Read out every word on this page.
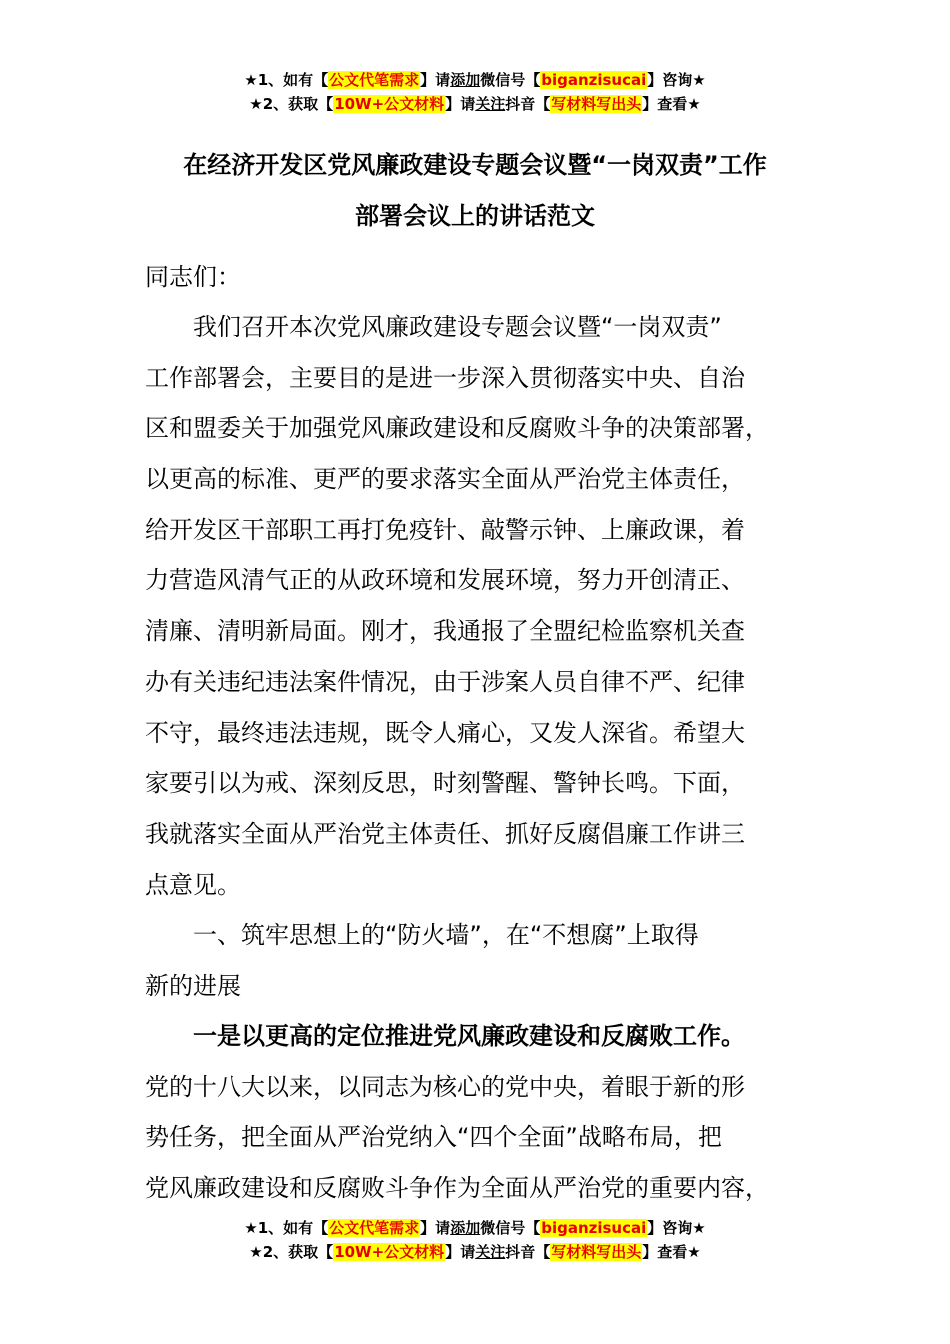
★1、如有【公文代笔需求】请添加微信号【biganzisucai】咨询★
★2、获取【10W+公文材料】请关注抖音【写材料写出头】查看★
在经济开发区党风廉政建设专题会议暨“一岗双责”工作
部署会议上的讲话范文
同志们：
　　我们召开本次党风廉政建设专题会议暨“一岗双责”
工作部署会，主要目的是进一步深入贯彻落实中央、自治
区和盟委关于加强党风廉政建设和反腐败斗争的决策部署，
以更高的标准、更严的要求落实全面从严治党主体责任，
给开发区干部职工再打免疫针、敲警示钟、上廉政课，着
力营造风清气正的从政环境和发展环境，努力开创清正、
清廉、清明新局面。刚才，我通报了全盟纪检监察机关查
办有关违纪违法案件情况，由于涉案人员自律不严、纪律
不守，最终违法违规，既令人痛心，又发人深省。希望大
家要引以为戒、深刻反思，时刻警醒、警钟长鸣。下面，
我就落实全面从严治党主体责任、抓好反腐倡廉工作讲三
点意见。
　　一、筑牢思想上的“防火墙”，在“不想腐”上取得
新的进展
　　一是以更高的定位推进党风廉政建设和反腐败工作。
党的十八大以来，以同志为核心的党中央，着眼于新的形
势任务，把全面从严治党纳入“四个全面”战略布局，把
党风廉政建设和反腐败斗争作为全面从严治党的重要内容，
★1、如有【公文代笔需求】请添加微信号【biganzisucai】咨询★
★2、获取【10W+公文材料】请关注抖音【写材料写出头】查看★
